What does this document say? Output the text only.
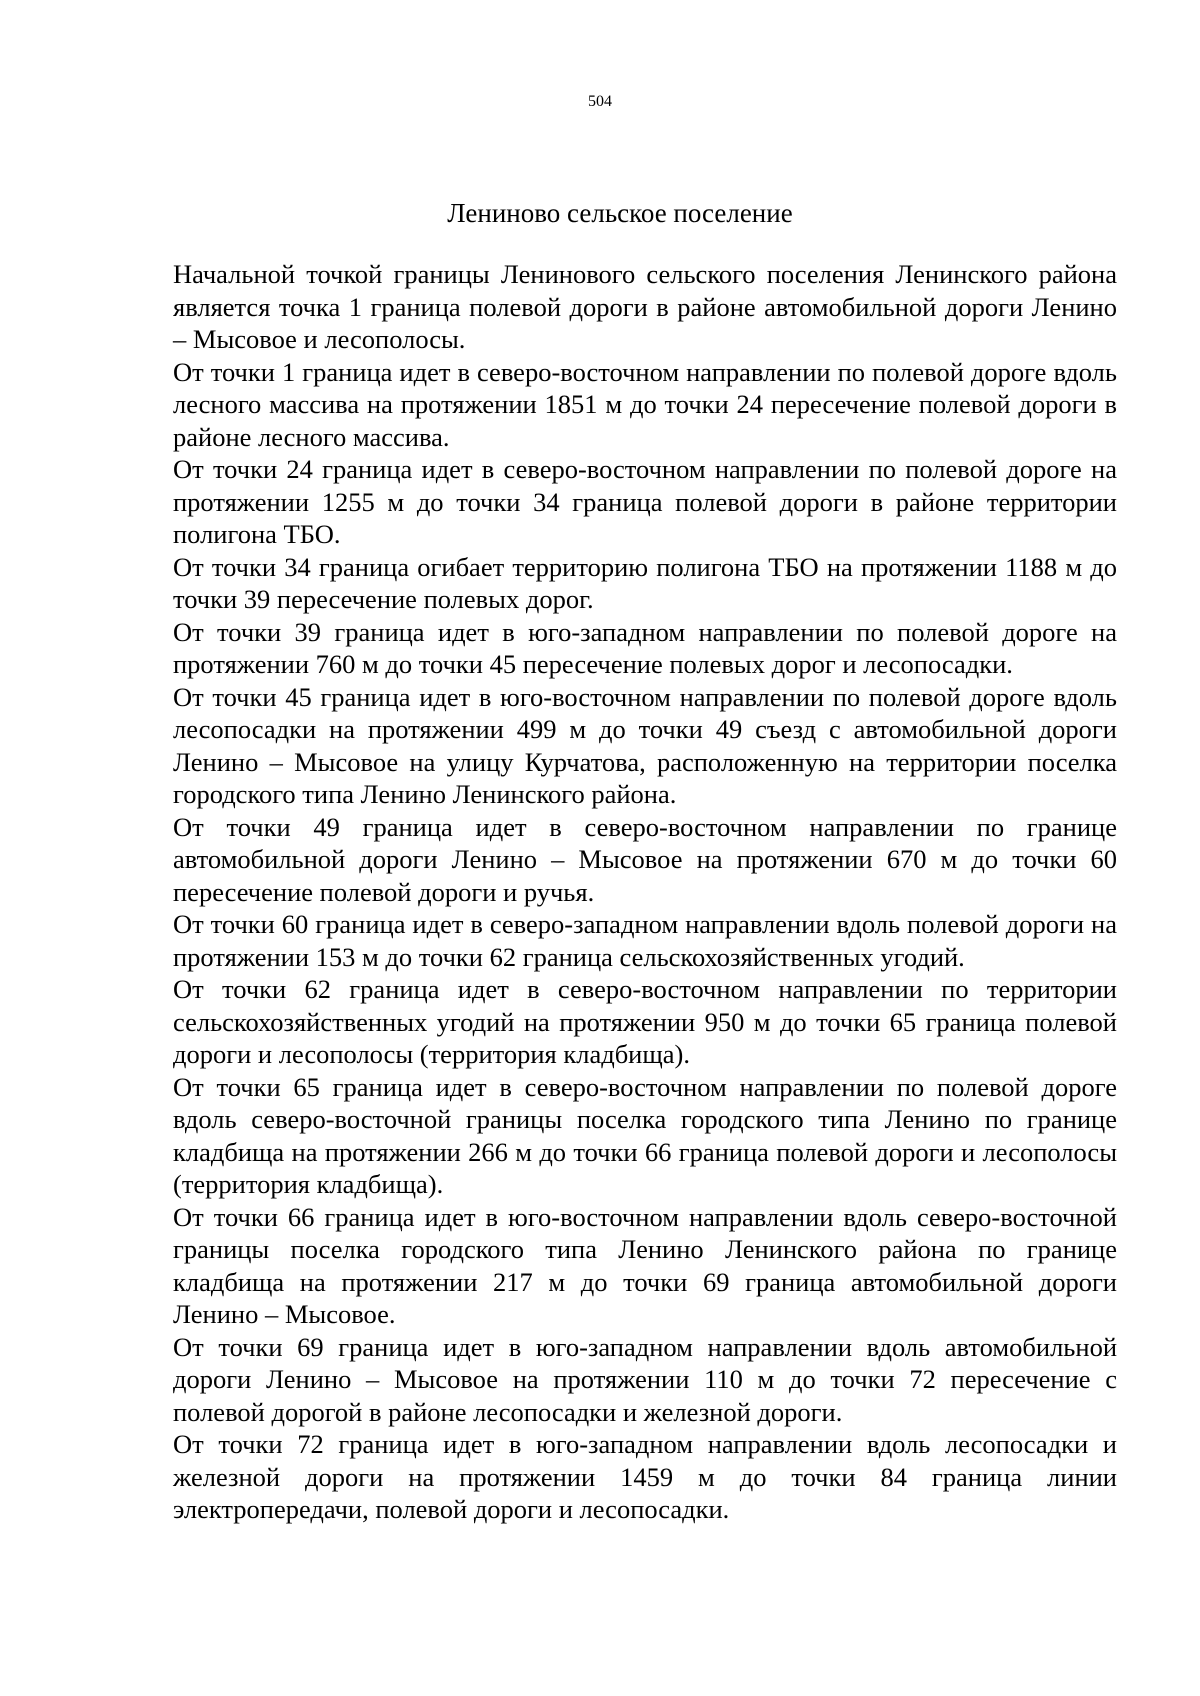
504
Лениново сельское поселение

Начальной точкой границы Ленинового сельского поселения Ленинского района является точка 1 граница полевой дороги в районе автомобильной дороги Ленино – Мысовое и лесополосы.

От точки 1 граница идет в северо-восточном направлении по полевой дороге вдоль лесного массива на протяжении 1851 м до точки 24 пересечение полевой дороги в районе лесного массива.

От точки 24 граница идет в северо-восточном направлении по полевой дороге на протяжении 1255 м до точки 34 граница полевой дороги в районе территории полигона ТБО.

От точки 34 граница огибает территорию полигона ТБО на протяжении 1188 м до точки 39 пересечение полевых дорог.

От точки 39 граница идет в юго-западном направлении по полевой дороге на протяжении 760 м до точки 45 пересечение полевых дорог и лесопосадки.

От точки 45 граница идет в юго-восточном направлении по полевой дороге вдоль лесопосадки на протяжении 499 м до точки 49 съезд с автомобильной дороги Ленино – Мысовое на улицу Курчатова, расположенную на территории поселка городского типа Ленино Ленинского района.

От точки 49 граница идет в северо-восточном направлении по границе автомобильной дороги Ленино – Мысовое на протяжении 670 м до точки 60 пересечение полевой дороги и ручья.

От точки 60 граница идет в северо-западном направлении вдоль полевой дороги на протяжении 153 м до точки 62 граница сельскохозяйственных угодий.

От точки 62 граница идет в северо-восточном направлении по территории сельскохозяйственных угодий на протяжении 950 м до точки 65 граница полевой дороги и лесополосы (территория кладбища).

От точки 65 граница идет в северо-восточном направлении по полевой дороге вдоль северо-восточной границы поселка городского типа Ленино по границе кладбища на протяжении 266 м до точки 66 граница полевой дороги и лесополосы (территория кладбища).

От точки 66 граница идет в юго-восточном направлении вдоль северо-восточной границы поселка городского типа Ленино Ленинского района по границе кладбища на протяжении 217 м до точки 69 граница автомобильной дороги Ленино – Мысовое.

От точки 69 граница идет в юго-западном направлении вдоль автомобильной дороги Ленино – Мысовое на протяжении 110 м до точки 72 пересечение с полевой дорогой в районе лесопосадки и железной дороги.

От точки 72 граница идет в юго-западном направлении вдоль лесопосадки и железной дороги на протяжении 1459 м до точки 84 граница линии электропередачи, полевой дороги и лесопосадки.
